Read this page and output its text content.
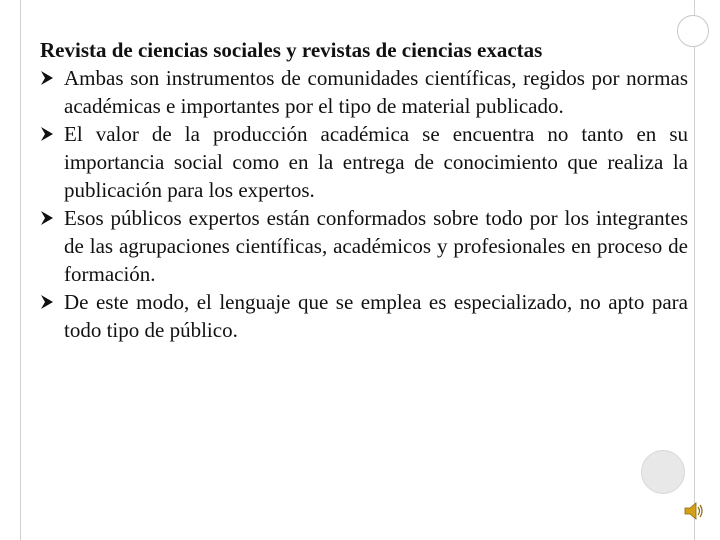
Revista de ciencias sociales y revistas de ciencias exactas

Ambas son instrumentos de comunidades científicas, regidos por normas académicas e importantes por el tipo de material publicado.
El valor de la producción académica se encuentra no tanto en su importancia social como en la entrega de conocimiento que realiza la publicación para los expertos.
Esos públicos expertos están conformados sobre todo por los integrantes de las agrupaciones científicas, académicos y profesionales en proceso de formación.
De este modo, el lenguaje que se emplea es especializado, no apto para todo tipo de público.
